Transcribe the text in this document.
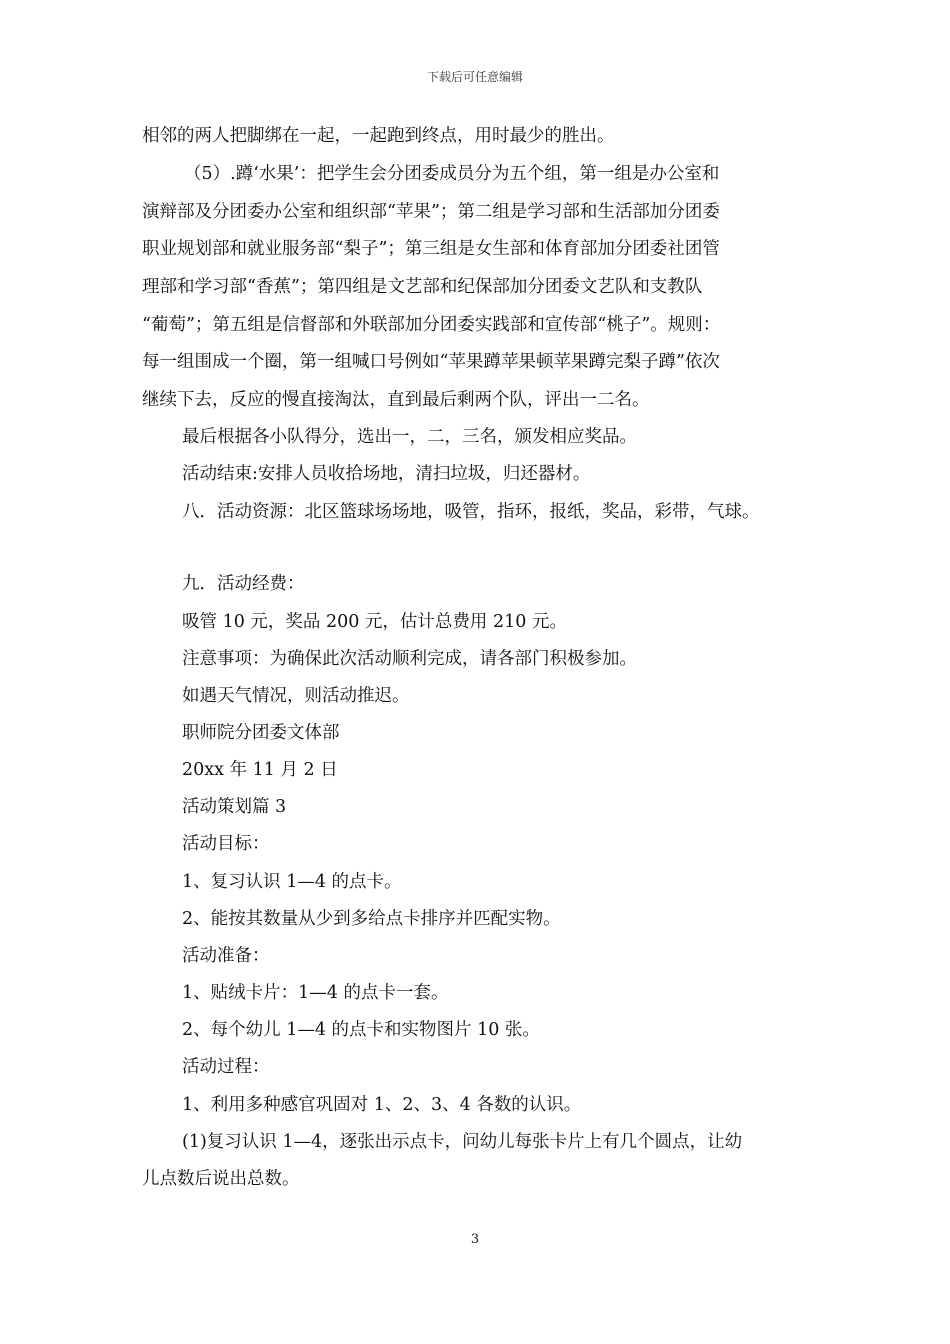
下载后可任意编辑
相邻的两人把脚绑在一起，一起跑到终点，用时最少的胜出。
（5）.蹲‘水果’：把学生会分团委成员分为五个组，第一组是办公室和
演辩部及分团委办公室和组织部“苹果”；第二组是学习部和生活部加分团委
职业规划部和就业服务部“梨子”；第三组是女生部和体育部加分团委社团管
理部和学习部“香蕉”；第四组是文艺部和纪保部加分团委文艺队和支教队
“葡萄”；第五组是信督部和外联部加分团委实践部和宣传部“桃子”。规则：
每一组围成一个圈，第一组喊口号例如“苹果蹲苹果顿苹果蹲完梨子蹲”依次
继续下去，反应的慢直接淘汰，直到最后剩两个队，评出一二名。
最后根据各小队得分，选出一，二，三名，颁发相应奖品。
活动结束:安排人员收拾场地，清扫垃圾，归还器材。
八．活动资源：北区篮球场场地，吸管，指环，报纸，奖品，彩带，气球。
九．活动经费：
吸管 10 元，奖品 200 元，估计总费用 210 元。
注意事项：为确保此次活动顺利完成，请各部门积极参加。
如遇天气情况，则活动推迟。
职师院分团委文体部
20xx 年 11 月 2 日
活动策划篇 3
活动目标：
1、复习认识 1—4 的点卡。
2、能按其数量从少到多给点卡排序并匹配实物。
活动准备：
1、贴绒卡片：1—4 的点卡一套。
2、每个幼儿 1—4 的点卡和实物图片 10 张。
活动过程：
1、利用多种感官巩固对 1、2、3、4 各数的认识。
(1)复习认识 1—4，逐张出示点卡，问幼儿每张卡片上有几个圆点，让幼
儿点数后说出总数。
3
